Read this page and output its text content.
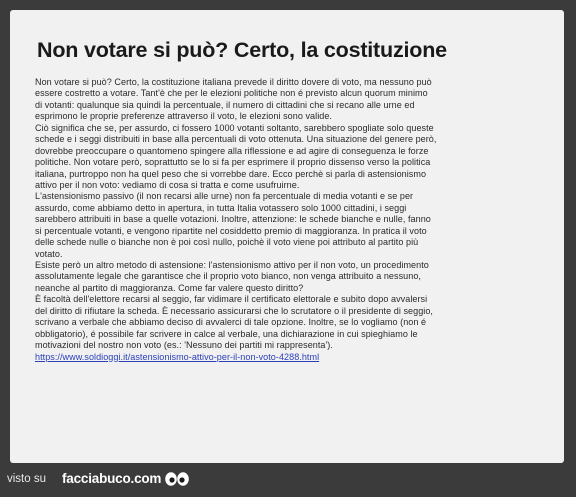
Non votare si può? Certo, la costituzione
Non votare si può? Certo, la costituzione italiana prevede il diritto dovere di voto, ma nessuno può
essere costretto a votare. Tant'è che per le elezioni politiche non é previsto alcun quorum minimo
di votanti: qualunque sia quindi la percentuale, il numero di cittadini che si recano alle urne ed
esprimono le proprie preferenze attraverso il voto, le elezioni sono valide.
Ciò significa che se, per assurdo, ci fossero 1000 votanti soltanto, sarebbero spogliate solo queste
schede e i seggi distribuiti in base alla percentuali di voto ottenuta. Una situazione del genere però,
dovrebbe preoccupare o quantomeno spingere alla riflessione e ad agire di conseguenza le forze
politiche. Non votare però, soprattutto se lo si fa per esprimere il proprio dissenso verso la politica
italiana, purtroppo non ha quel peso che si vorrebbe dare. Ecco perchè si parla di astensionismo
attivo per il non voto: vediamo di cosa si tratta e come usufruirne.
L'astensionismo passivo (il non recarsi alle urne) non fa percentuale di media votanti e se per
assurdo, come abbiamo detto in apertura, in tutta Italia votassero solo 1000 cittadini, i seggi
sarebbero attribuiti in base a quelle votazioni. Inoltre, attenzione: le schede bianche e nulle, fanno
si percentuale votanti, e vengono ripartite nel cosiddetto premio di maggioranza. In pratica il voto
delle schede nulle o bianche non è poi così nullo, poichè il voto viene poi attributo al partito più
votato.
Esiste però un altro metodo di astensione: l'astensionismo attivo per il non voto, un procedimento
assolutamente legale che garantisce che il proprio voto bianco, non venga attribuito a nessuno,
neanche al partito di maggioranza. Come far valere questo diritto?
È facoltà dell'elettore recarsi al seggio, far vidimare il certificato elettorale e subito dopo avvalersi
del diritto di rifiutare la scheda. È necessario assicurarsi che lo scrutatore o il presidente di seggio,
scrivano a verbale che abbiamo deciso di avvalerci di tale opzione. Inoltre, se lo vogliamo (non é
obbligatorio), é possibile far scrivere in calce al verbale, una dichiarazione in cui spieghiamo le
motivazioni del nostro non voto (es.: 'Nessuno dei partiti mi rappresenta').
https://www.soldioggi.it/astensionismo-attivo-per-il-non-voto-4288.html
visto su facciabuco.com
